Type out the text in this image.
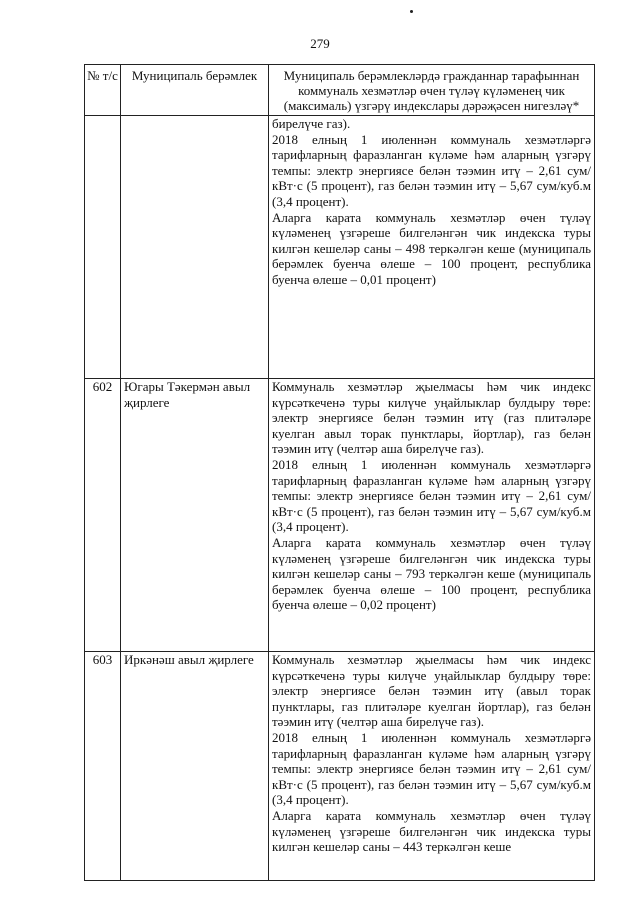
279
№ т/с	Муниципаль берәмлек	Муниципаль берәмлекләрдә гражданнар тарафыннан коммуналь хезмәтләр өчен түләү күләменең чик (максималь) үзгәрү индекслары дәрәҗәсен нигезләү*

		бирелүче газ).
2018 елның 1 июленнән коммуналь хезмәтләргә тарифларның фаразланган күләме һәм аларның үзгәрү темпы: электр энергиясе белән тәэмин итү – 2,61 сум/кВт·с (5 процент), газ белән тәэмин итү – 5,67 сум/куб.м (3,4 процент).
Аларга карата коммуналь хезмәтләр өчен түләү күләменең үзгәреше билгеләнгән чик индекска туры килгән кешеләр саны – 498 теркәлгән кеше (муниципаль берәмлек буенча өлеше – 100 процент, республика буенча өлеше – 0,01 процент)

602	Югары Тәкермән авыл җирлеге	Коммуналь хезмәтләр җыелмасы һәм чик индекс күрсәткеченә туры килүче уңайлыклар булдыру төре: электр энергиясе белән тәэмин итү (газ плитәләре куелган авыл торак пунктлары, йортлар), газ белән тәэмин итү (челтәр аша бирелүче газ).
2018 елның 1 июленнән коммуналь хезмәтләргә тарифларның фаразланган күләме һәм аларның үзгәрү темпы: электр энергиясе белән тәэмин итү – 2,61 сум/кВт·с (5 процент), газ белән тәэмин итү – 5,67 сум/куб.м (3,4 процент).
Аларга карата коммуналь хезмәтләр өчен түләү күләменең үзгәреше билгеләнгән чик индекска туры килгән кешеләр саны – 793 теркәлгән кеше (муниципаль берәмлек буенча өлеше – 100 процент, республика буенча өлеше – 0,02 процент)

603	Иркәнәш авыл җирлеге	Коммуналь хезмәтләр җыелмасы һәм чик индекс күрсәткеченә туры килүче уңайлыклар булдыру төре: электр энергиясе белән тәэмин итү (авыл торак пунктлары, газ плитәләре куелган йортлар), газ белән тәэмин итү (челтәр аша бирелүче газ).
2018 елның 1 июленнән коммуналь хезмәтләргә тарифларның фаразланган күләме һәм аларның үзгәрү темпы: электр энергиясе белән тәэмин итү – 2,61 сум/кВт·с (5 процент), газ белән тәэмин итү – 5,67 сум/куб.м (3,4 процент).
Аларга карата коммуналь хезмәтләр өчен түләү күләменең үзгәреше билгеләнгән чик индекска туры килгән кешеләр саны – 443 теркәлгән кеше
